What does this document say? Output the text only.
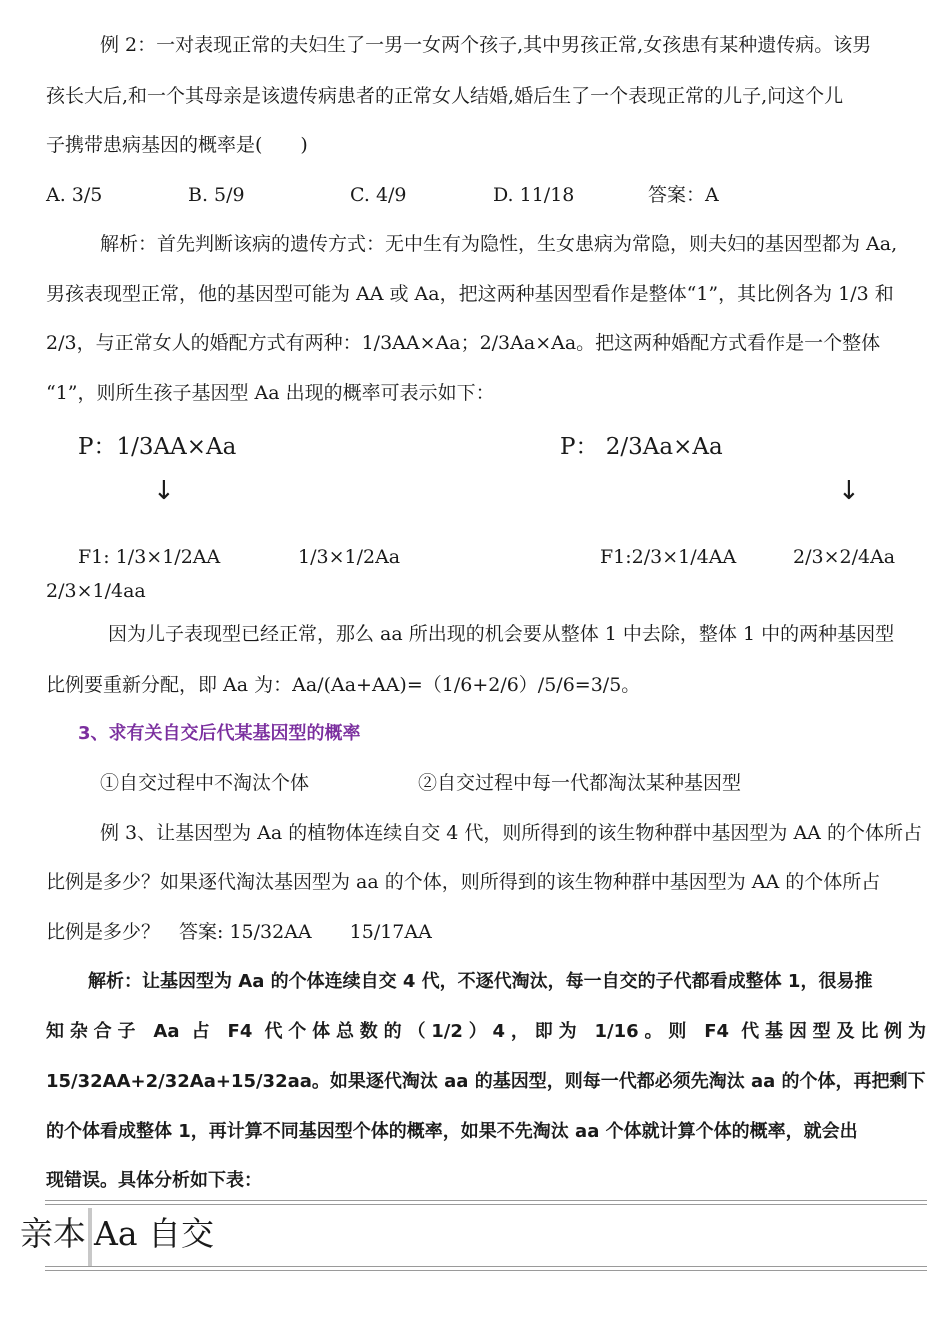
例 2：一对表现正常的夫妇生了一男一女两个孩子,其中男孩正常,女孩患有某种遗传病。该男
孩长大后,和一个其母亲是该遗传病患者的正常女人结婚,婚后生了一个表现正常的儿子,问这个儿
子携带患病基因的概率是(　　)
A. 3/5	B. 5/9	C. 4/9	D. 11/18	答案：A
解析：首先判断该病的遗传方式：无中生有为隐性，生女患病为常隐，则夫妇的基因型都为 Aa,
男孩表现型正常，他的基因型可能为 AA 或 Aa，把这两种基因型看作是整体“1”，其比例各为 1/3 和
2/3，与正常女人的婚配方式有两种：1/3AA×Aa；2/3Aa×Aa。把这两种婚配方式看作是一个整体
“1”，则所生孩子基因型 Aa 出现的概率可表示如下：
P：1/3AA×Aa	P： 2/3Aa×Aa
↓	↓
F1: 1/3×1/2AA	1/3×1/2Aa	F1:2/3×1/4AA	2/3×2/4Aa
2/3×1/4aa
因为儿子表现型已经正常，那么 aa 所出现的机会要从整体 1 中去除，整体 1 中的两种基因型
比例要重新分配，即 Aa 为：Aa/(Aa+AA)=（1/6+2/6）/5/6=3/5。
3、求有关自交后代某基因型的概率
①自交过程中不淘汰个体	②自交过程中每一代都淘汰某种基因型
例 3、让基因型为 Aa 的植物体连续自交 4 代，则所得到的该生物种群中基因型为 AA 的个体所占
比例是多少？如果逐代淘汰基因型为 aa 的个体，则所得到的该生物种群中基因型为 AA 的个体所占
比例是多少？　答案: 15/32AA　　15/17AA
解析：让基因型为 Aa 的个体连续自交 4 代，不逐代淘汰，每一自交的子代都看成整体 1，很易推
知杂合子 Aa 占 F4 代个体总数的（1/2）4，即为 1/16。则 F4 代基因型及比例为
15/32AA+2/32Aa+15/32aa。如果逐代淘汰 aa 的基因型，则每一代都必须先淘汰 aa 的个体，再把剩下
的个体看成整体 1，再计算不同基因型个体的概率，如果不先淘汰 aa 个体就计算个体的概率，就会出
现错误。具体分析如下表：
亲本 Aa 自交
